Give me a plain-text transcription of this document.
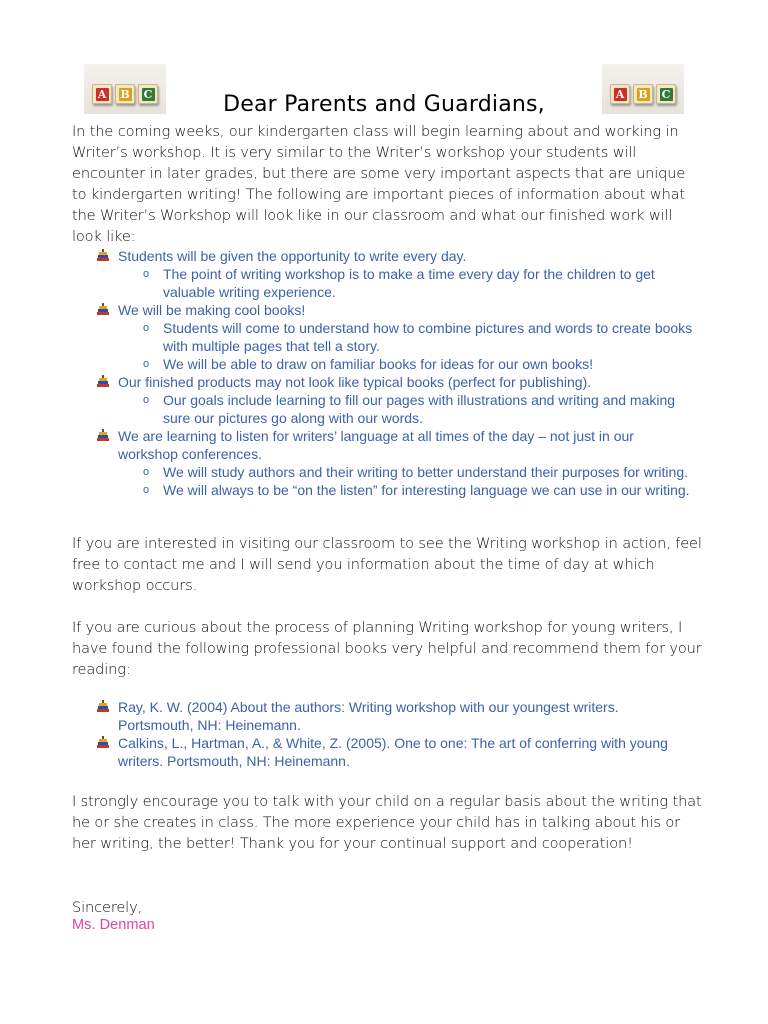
A B C	A B C
Dear Parents and Guardians,
In the coming weeks, our kindergarten class will begin learning about and working in Writer’s workshop. It is very similar to the Writer’s workshop your students will encounter in later grades, but there are some very important aspects that are unique to kindergarten writing! The following are important pieces of information about what the Writer’s Workshop will look like in our classroom and what our finished work will look like:
Students will be given the opportunity to write every day.
o The point of writing workshop is to make a time every day for the children to get valuable writing experience.
We will be making cool books!
o Students will come to understand how to combine pictures and words to create books with multiple pages that tell a story.
o We will be able to draw on familiar books for ideas for our own books!
Our finished products may not look like typical books (perfect for publishing).
o Our goals include learning to fill our pages with illustrations and writing and making sure our pictures go along with our words.
We are learning to listen for writers’ language at all times of the day – not just in our workshop conferences.
o We will study authors and their writing to better understand their purposes for writing.
o We will always to be “on the listen” for interesting language we can use in our writing.
If you are interested in visiting our classroom to see the Writing workshop in action, feel free to contact me and I will send you information about the time of day at which workshop occurs.
If you are curious about the process of planning Writing workshop for young writers, I have found the following professional books very helpful and recommend them for your reading:
Ray, K. W. (2004) About the authors: Writing workshop with our youngest writers. Portsmouth, NH: Heinemann.
Calkins, L., Hartman, A., & White, Z. (2005). One to one: The art of conferring with young writers. Portsmouth, NH: Heinemann.
I strongly encourage you to talk with your child on a regular basis about the writing that he or she creates in class. The more experience your child has in talking about his or her writing, the better! Thank you for your continual support and cooperation!
Sincerely,
Ms. Denman
